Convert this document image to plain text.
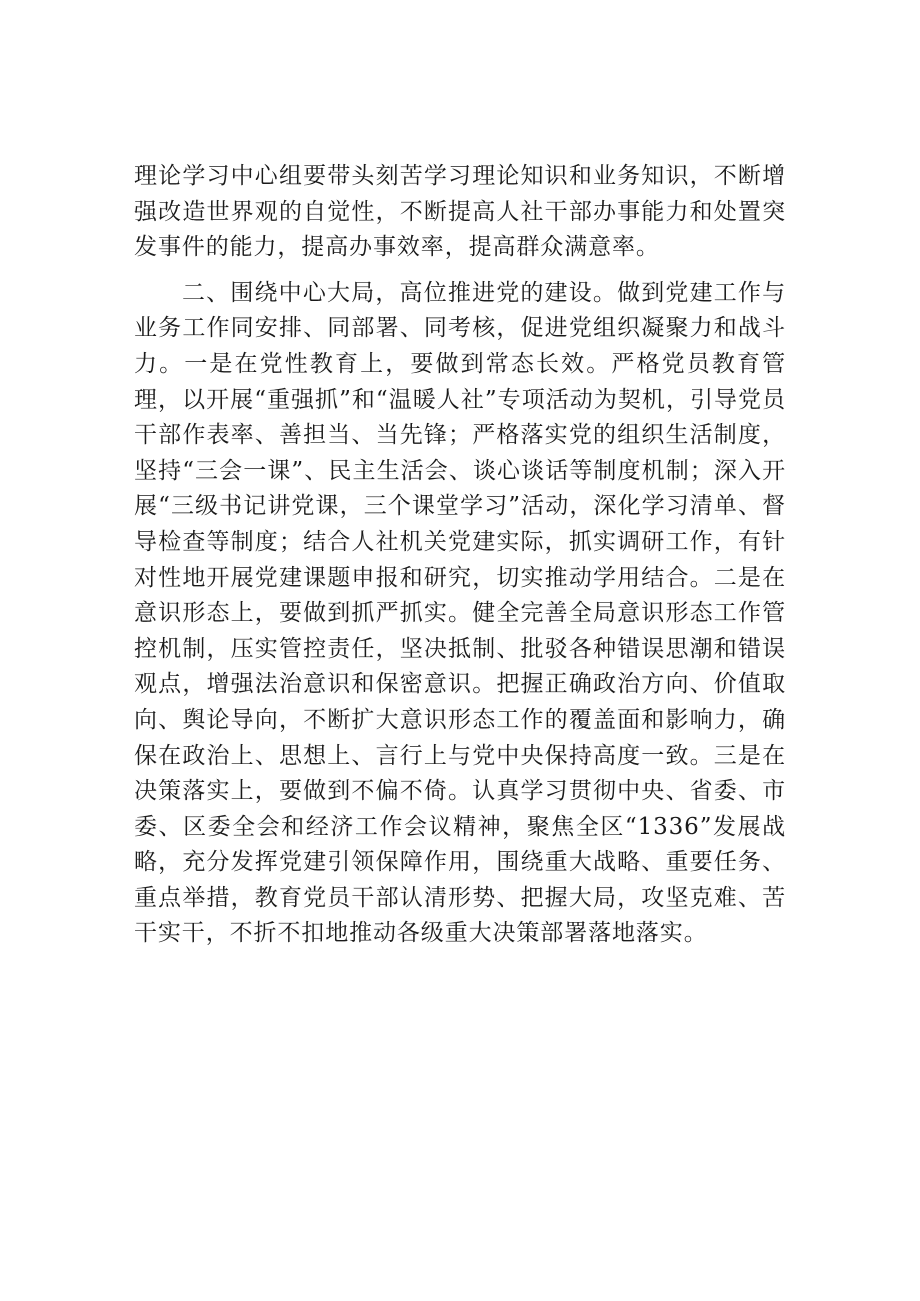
理论学习中心组要带头刻苦学习理论知识和业务知识，不断增强改造世界观的自觉性，不断提高人社干部办事能力和处置突发事件的能力，提高办事效率，提高群众满意率。

二、围绕中心大局，高位推进党的建设。做到党建工作与业务工作同安排、同部署、同考核，促进党组织凝聚力和战斗力。一是在党性教育上，要做到常态长效。严格党员教育管理，以开展“重强抓”和“温暖人社”专项活动为契机，引导党员干部作表率、善担当、当先锋；严格落实党的组织生活制度，坚持“三会一课”、民主生活会、谈心谈话等制度机制；深入开展“三级书记讲党课，三个课堂学习”活动，深化学习清单、督导检查等制度；结合人社机关党建实际，抓实调研工作，有针对性地开展党建课题申报和研究，切实推动学用结合。二是在意识形态上，要做到抓严抓实。健全完善全局意识形态工作管控机制，压实管控责任，坚决抵制、批驳各种错误思潮和错误观点，增强法治意识和保密意识。把握正确政治方向、价值取向、舆论导向，不断扩大意识形态工作的覆盖面和影响力，确保在政治上、思想上、言行上与党中央保持高度一致。三是在决策落实上，要做到不偏不倚。认真学习贯彻中央、省委、市委、区委全会和经济工作会议精神，聚焦全区“1336”发展战略，充分发挥党建引领保障作用，围绕重大战略、重要任务、重点举措，教育党员干部认清形势、把握大局，攻坚克难、苦干实干，不折不扣地推动各级重大决策部署落地落实。
